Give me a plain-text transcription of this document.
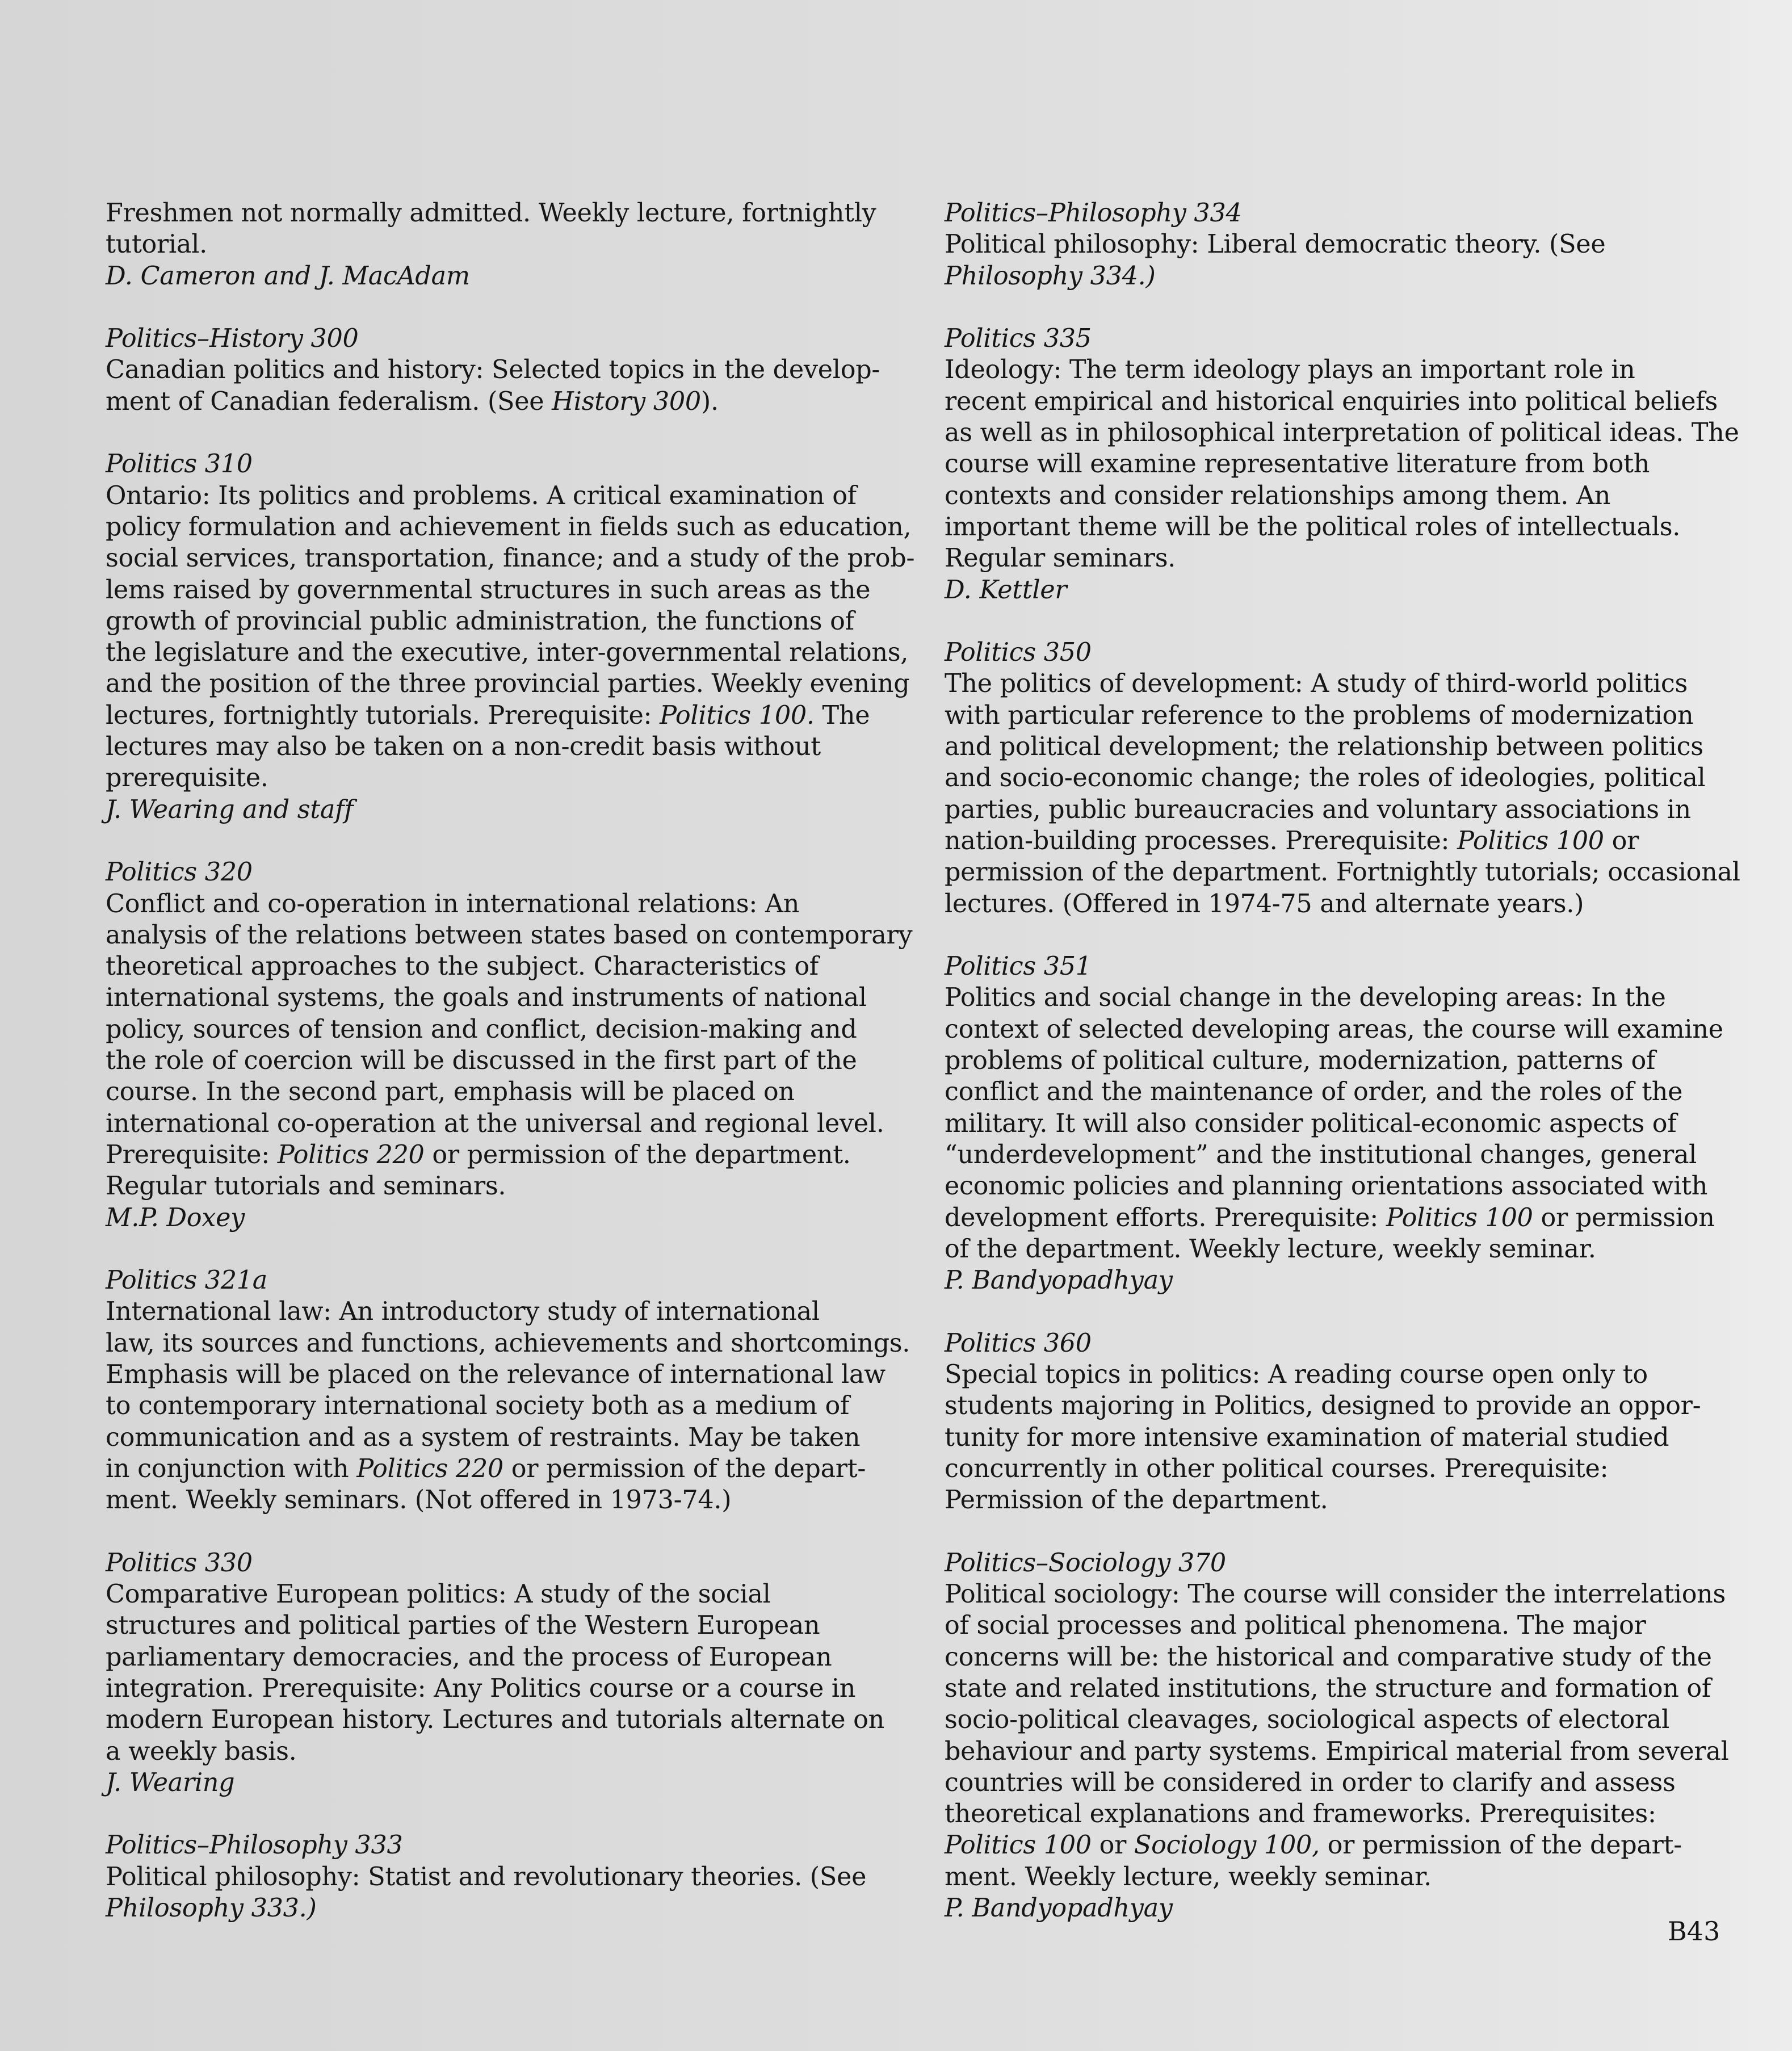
Freshmen not normally admitted. Weekly lecture, fortnightly
tutorial.
D. Cameron and J. MacAdam
Politics–History 300
Canadian politics and history: Selected topics in the develop-
ment of Canadian federalism. (See History 300).
Politics 310
Ontario: Its politics and problems. A critical examination of
policy formulation and achievement in fields such as education,
social services, transportation, finance; and a study of the prob-
lems raised by governmental structures in such areas as the
growth of provincial public administration, the functions of
the legislature and the executive, inter-governmental relations,
and the position of the three provincial parties. Weekly evening
lectures, fortnightly tutorials. Prerequisite: Politics 100. The
lectures may also be taken on a non-credit basis without
prerequisite.
J. Wearing and staff
Politics 320
Conflict and co-operation in international relations: An
analysis of the relations between states based on contemporary
theoretical approaches to the subject. Characteristics of
international systems, the goals and instruments of national
policy, sources of tension and conflict, decision-making and
the role of coercion will be discussed in the first part of the
course. In the second part, emphasis will be placed on
international co-operation at the universal and regional level.
Prerequisite: Politics 220 or permission of the department.
Regular tutorials and seminars.
M.P. Doxey
Politics 321a
International law: An introductory study of international
law, its sources and functions, achievements and shortcomings.
Emphasis will be placed on the relevance of international law
to contemporary international society both as a medium of
communication and as a system of restraints. May be taken
in conjunction with Politics 220 or permission of the depart-
ment. Weekly seminars. (Not offered in 1973-74.)
Politics 330
Comparative European politics: A study of the social
structures and political parties of the Western European
parliamentary democracies, and the process of European
integration. Prerequisite: Any Politics course or a course in
modern European history. Lectures and tutorials alternate on
a weekly basis.
J. Wearing
Politics–Philosophy 333
Political philosophy: Statist and revolutionary theories. (See
Philosophy 333.)
Politics–Philosophy 334
Political philosophy: Liberal democratic theory. (See
Philosophy 334.)
Politics 335
Ideology: The term ideology plays an important role in
recent empirical and historical enquiries into political beliefs
as well as in philosophical interpretation of political ideas. The
course will examine representative literature from both
contexts and consider relationships among them. An
important theme will be the political roles of intellectuals.
Regular seminars.
D. Kettler
Politics 350
The politics of development: A study of third-world politics
with particular reference to the problems of modernization
and political development; the relationship between politics
and socio-economic change; the roles of ideologies, political
parties, public bureaucracies and voluntary associations in
nation-building processes. Prerequisite: Politics 100 or
permission of the department. Fortnightly tutorials; occasional
lectures. (Offered in 1974-75 and alternate years.)
Politics 351
Politics and social change in the developing areas: In the
context of selected developing areas, the course will examine
problems of political culture, modernization, patterns of
conflict and the maintenance of order, and the roles of the
military. It will also consider political-economic aspects of
“underdevelopment” and the institutional changes, general
economic policies and planning orientations associated with
development efforts. Prerequisite: Politics 100 or permission
of the department. Weekly lecture, weekly seminar.
P. Bandyopadhyay
Politics 360
Special topics in politics: A reading course open only to
students majoring in Politics, designed to provide an oppor-
tunity for more intensive examination of material studied
concurrently in other political courses. Prerequisite:
Permission of the department.
Politics–Sociology 370
Political sociology: The course will consider the interrelations
of social processes and political phenomena. The major
concerns will be: the historical and comparative study of the
state and related institutions, the structure and formation of
socio-political cleavages, sociological aspects of electoral
behaviour and party systems. Empirical material from several
countries will be considered in order to clarify and assess
theoretical explanations and frameworks. Prerequisites:
Politics 100 or Sociology 100, or permission of the depart-
ment. Weekly lecture, weekly seminar.
P. Bandyopadhyay
B43
